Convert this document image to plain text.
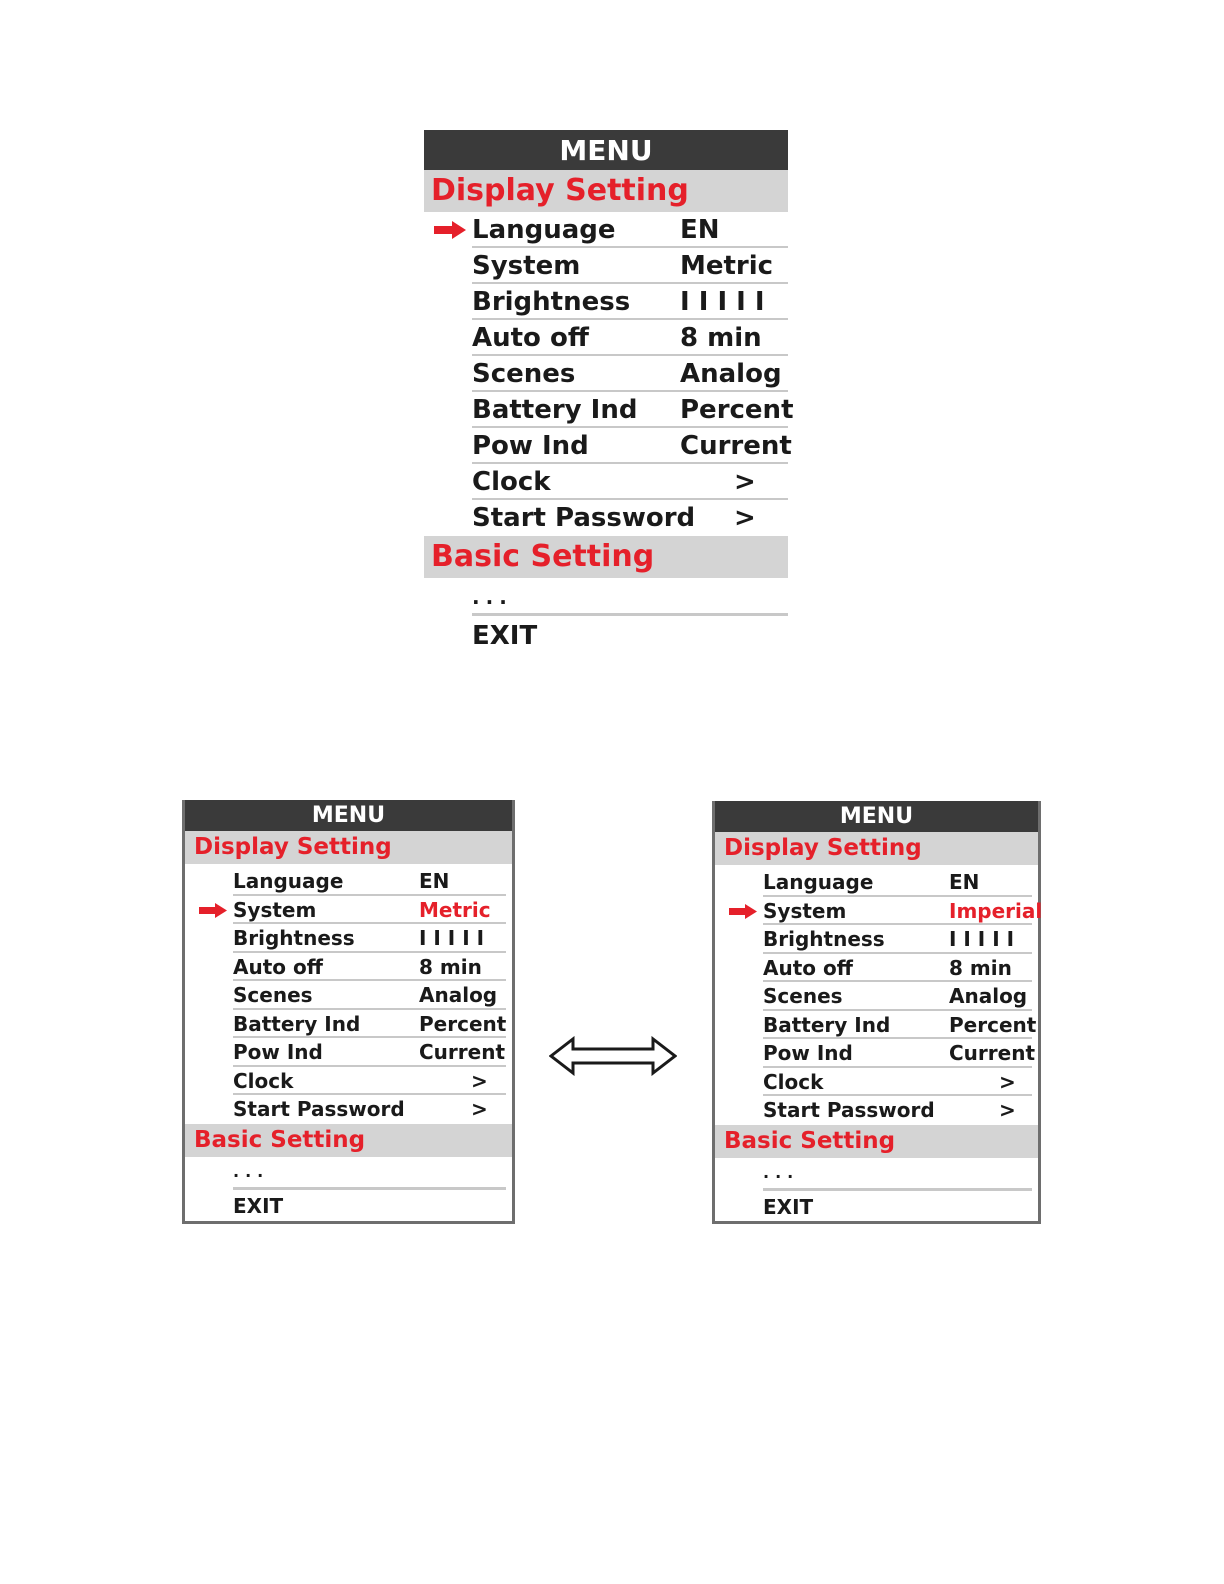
MENU
Display Setting
Language EN
System	Metric
Brightness I I I I I
Auto off	8 min
Scenes	Analog
Battery Ind Percent
Pow Ind	Current
Clock	>
Start Password >
Basic Setting
...
EXIT
MENU
Display Setting
Language	EN
System	Metric
Brightness	I I I I I
Auto off	8 min
Scenes	Analog
Battery Ind	Percent
Pow Ind	Current
Clock	>
Start Password	>
Basic Setting
...
EXIT
MENU
Display Setting
Language	EN
System	Imperial
Brightness	I I I I I
Auto off	8 min
Scenes	Analog
Battery Ind	Percent
Pow Ind	Current
Clock	>
Start Password	>
Basic Setting
...
EXIT
